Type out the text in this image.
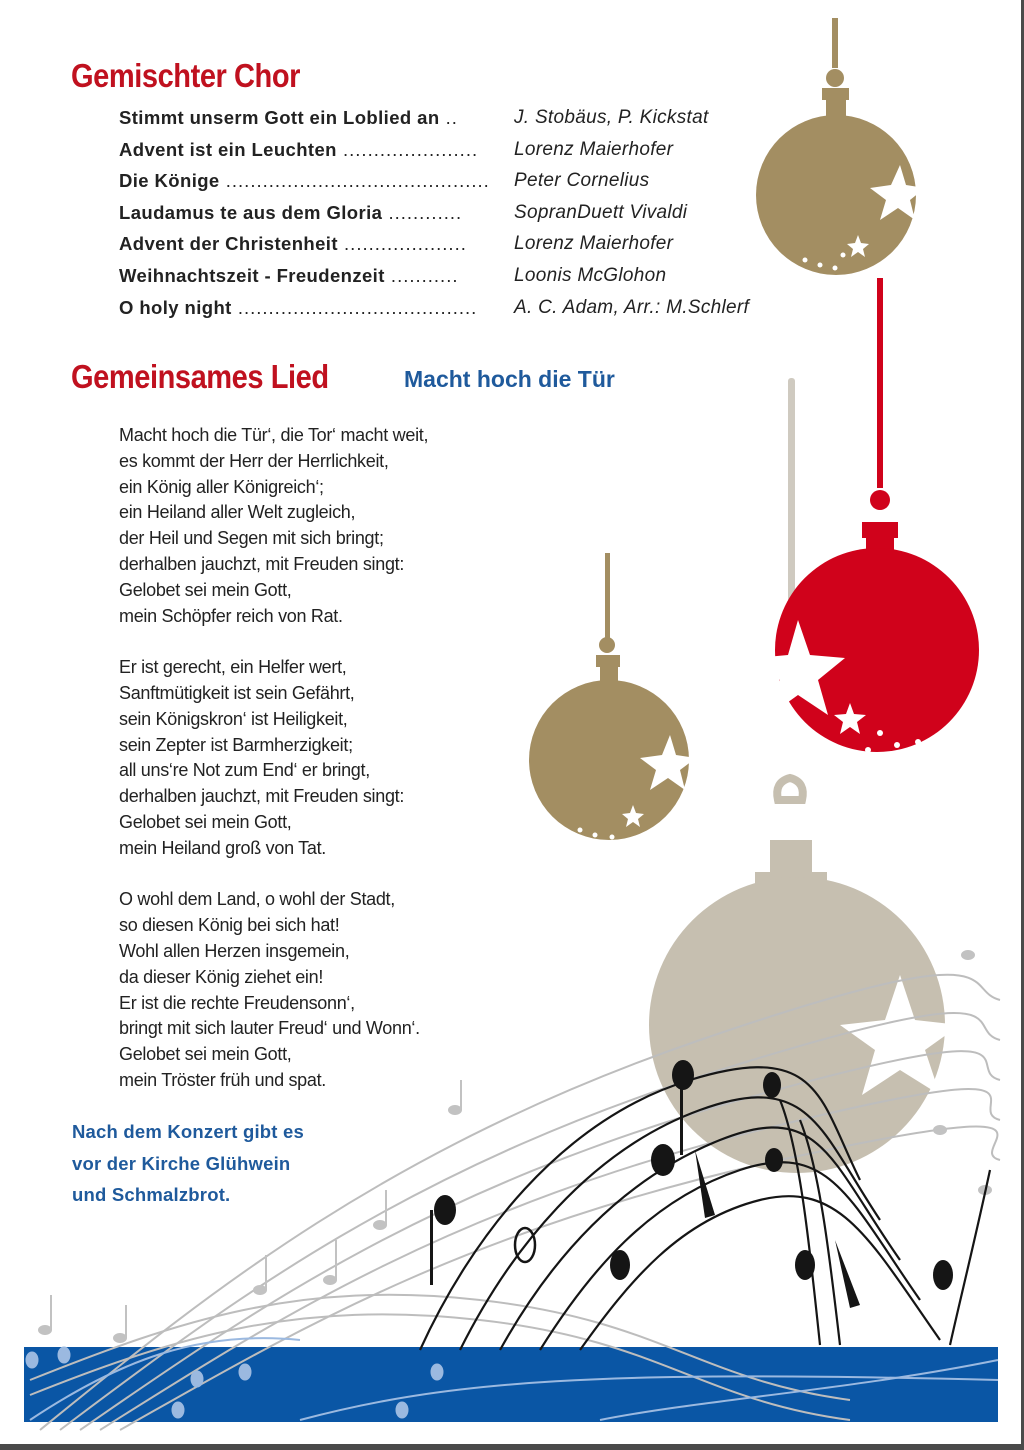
Gemischter Chor
Stimmt unserm Gott ein Loblied an ..	J. Stobäus, P. Kickstat
Advent ist ein Leuchten ......................	Lorenz Maierhofer
Die Könige ...........................................	Peter Cornelius
Laudamus te aus dem Gloria ............	SopranDuett Vivaldi
Advent der Christenheit ....................	Lorenz Maierhofer
Weihnachtszeit - Freudenzeit ...........	Loonis McGlohon
O holy night .......................................	A. C. Adam, Arr.: M.Schlerf
Gemeinsames Lied	Macht hoch die Tür
Macht hoch die Tür‘, die Tor‘ macht weit,
es kommt der Herr der Herrlichkeit,
ein König aller Königreich‘;
ein Heiland aller Welt zugleich,
der Heil und Segen mit sich bringt;
derhalben jauchzt, mit Freuden singt:
Gelobet sei mein Gott,
mein Schöpfer reich von Rat.
Er ist gerecht, ein Helfer wert,
Sanftmütigkeit ist sein Gefährt,
sein Königskron‘ ist Heiligkeit,
sein Zepter ist Barmherzigkeit;
all uns‘re Not zum End‘ er bringt,
derhalben jauchzt, mit Freuden singt:
Gelobet sei mein Gott,
mein Heiland groß von Tat.
O wohl dem Land, o wohl der Stadt,
so diesen König bei sich hat!
Wohl allen Herzen insgemein,
da dieser König ziehet ein!
Er ist die rechte Freudensonn‘,
bringt mit sich lauter Freud‘ und Wonn‘.
Gelobet sei mein Gott,
mein Tröster früh und spat.
Nach dem Konzert gibt es
vor der Kirche Glühwein
und Schmalzbrot.
